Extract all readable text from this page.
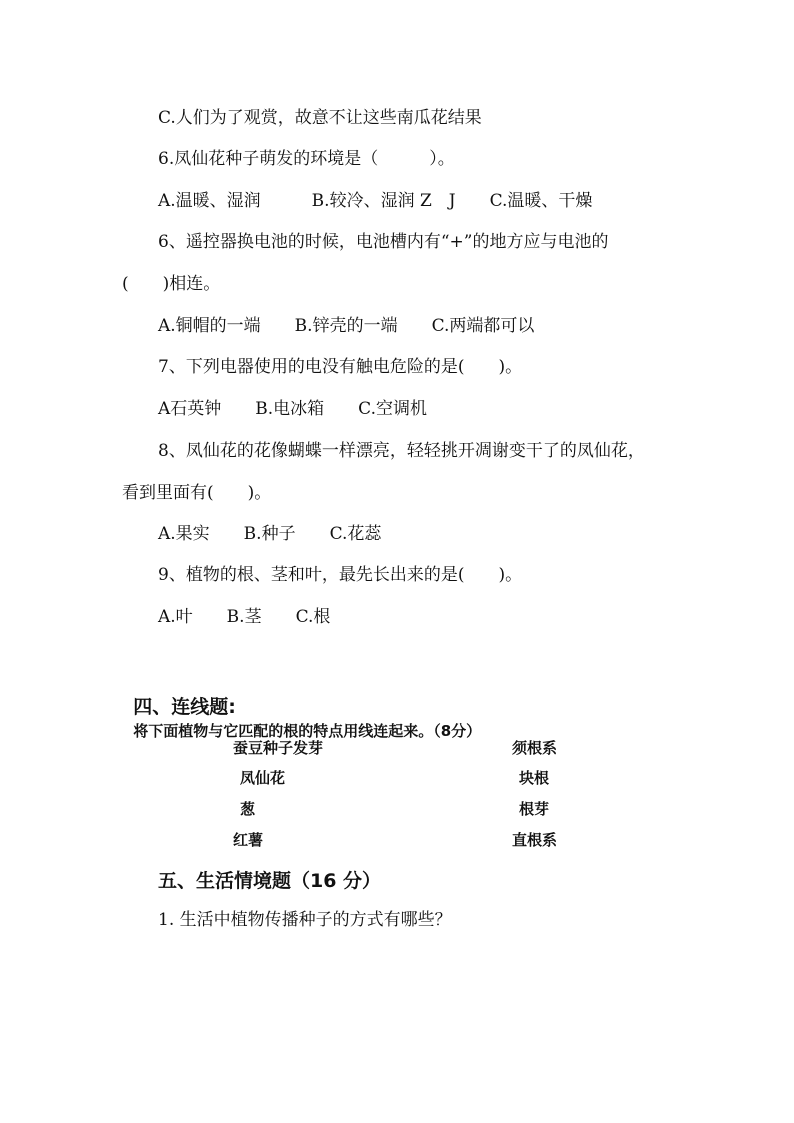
C.人们为了观赏，故意不让这些南瓜花结果
6.凤仙花种子萌发的环境是（　　　）。
A.温暖、湿润　　　B.较冷、湿润 Z　J　　C.温暖、干燥
6、遥控器换电池的时候，电池槽内有“+”的地方应与电池的
(　　)相连。
A.铜帽的一端　　B.锌壳的一端　　C.两端都可以
7、下列电器使用的电没有触电危险的是(　　)。
A石英钟　　B.电冰箱　　C.空调机
8、凤仙花的花像蝴蝶一样漂亮，轻轻挑开凋谢变干了的凤仙花，
看到里面有(　　)。
A.果实　　B.种子　　C.花蕊
9、植物的根、茎和叶，最先长出来的是(　　)。
A.叶　　B.茎　　C.根

四、连线题:
将下面植物与它匹配的根的特点用线连起来。（8分）

蚕豆种子发芽
凤仙花
葱
红薯
须根系
块根
根芽
直根系
五、生活情境题（16 分）
1. 生活中植物传播种子的方式有哪些？
